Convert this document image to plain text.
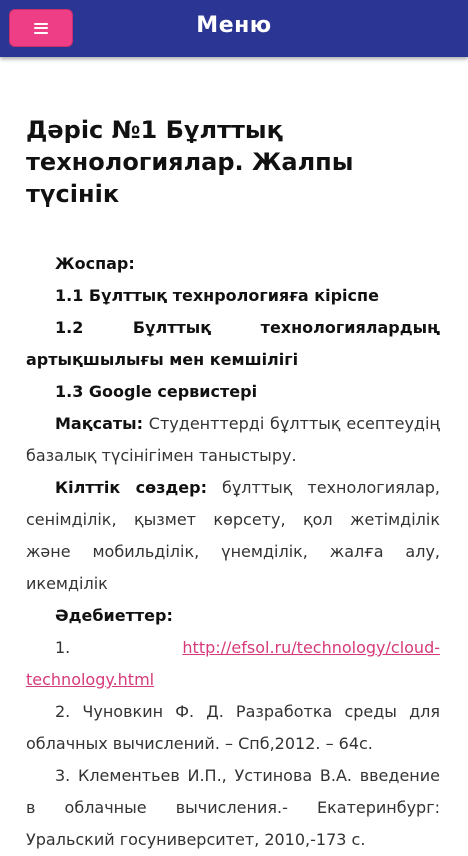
Меню
Дәріс №1 Бұлттық технологиялар. Жалпы түсінік

Жоспар:

1.1 Бұлттық технрологияға кіріспе

1.2 Бұлттық технологиялардың артықшылығы мен кемшілігі

1.3 Google сервистері

Мақсаты: Студенттерді бұлттық есептеудің базалық түсінігімен таныстыру.

Кілттік сөздер: бұлттық технологиялар, сенімділік, қызмет көрсету, қол жетімділік және мобильділік, үнемділік, жалға алу, икемділік

Әдебиеттер:

1.	http://efsol.ru/technology/cloud-technology.html

2. Чуновкин Ф. Д. Разработка среды для облачных вычислений. – Спб,2012. – 64с.

3. Клементьев И.П., Устинова В.А. введение в облачные вычисления.- Екатеринбург: Уральский госуниверситет, 2010,-173 с.
